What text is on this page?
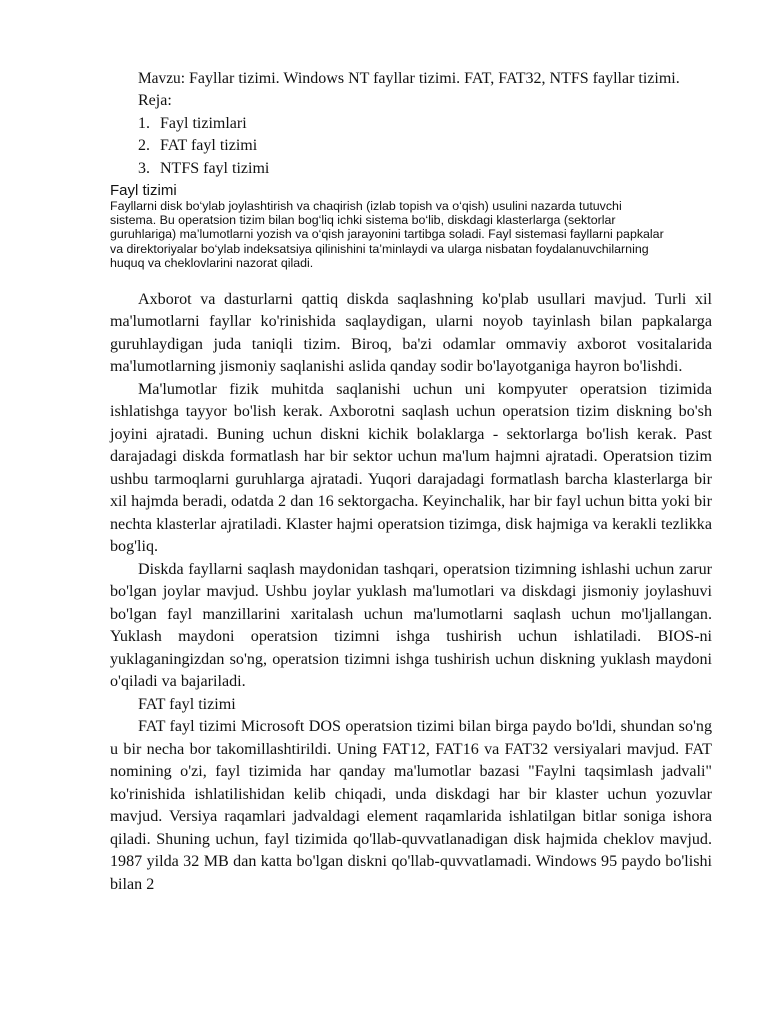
Mavzu: Fayllar tizimi. Windows NT fayllar tizimi. FAT, FAT32, NTFS fayllar tizimi.

Reja:

1. Fayl tizimlari
2. FAT fayl tizimi
3. NTFS fayl tizimi
Fayl tizimi

Fayllarni disk bo‘ylab joylashtirish va chaqirish (izlab topish va o‘qish) usulini nazarda tutuvchi sistema. Bu operatsion tizim bilan bog‘liq ichki sistema bo‘lib, diskdagi klasterlarga (sektorlar guruhlariga) ma’lumotlarni yozish va o‘qish jarayonini tartibga soladi. Fayl sistemasi fayllarni papkalar va direktoriyalar bo‘ylab indeksatsiya qilinishini ta’minlaydi va ularga nisbatan foydalanuvchilarning huquq va cheklovlarini nazorat qiladi.

Axborot va dasturlarni qattiq diskda saqlashning ko'plab usullari mavjud. Turli xil ma'lumotlarni fayllar ko'rinishida saqlaydigan, ularni noyob tayinlash bilan papkalarga guruhlaydigan juda taniqli tizim. Biroq, ba'zi odamlar ommaviy axborot vositalarida ma'lumotlarning jismoniy saqlanishi aslida qanday sodir bo'layotganiga hayron bo'lishdi.

Ma'lumotlar fizik muhitda saqlanishi uchun uni kompyuter operatsion tizimida ishlatishga tayyor bo'lish kerak. Axborotni saqlash uchun operatsion tizim diskning bo'sh joyini ajratadi. Buning uchun diskni kichik bolaklarga - sektorlarga bo'lish kerak. Past darajadagi diskda formatlash har bir sektor uchun ma'lum hajmni ajratadi. Operatsion tizim ushbu tarmoqlarni guruhlarga ajratadi. Yuqori darajadagi formatlash barcha klasterlarga bir xil hajmda beradi, odatda 2 dan 16 sektorgacha. Keyinchalik, har bir fayl uchun bitta yoki bir nechta klasterlar ajratiladi. Klaster hajmi operatsion tizimga, disk hajmiga va kerakli tezlikka bog'liq.

Diskda fayllarni saqlash maydonidan tashqari, operatsion tizimning ishlashi uchun zarur bo'lgan joylar mavjud. Ushbu joylar yuklash ma'lumotlari va diskdagi jismoniy joylashuvi bo'lgan fayl manzillarini xaritalash uchun ma'lumotlarni saqlash uchun mo'ljallangan. Yuklash maydoni operatsion tizimni ishga tushirish uchun ishlatiladi. BIOS-ni yuklaganingizdan so'ng, operatsion tizimni ishga tushirish uchun diskning yuklash maydoni o'qiladi va bajariladi.

FAT fayl tizimi

FAT fayl tizimi Microsoft DOS operatsion tizimi bilan birga paydo bo'ldi, shundan so'ng u bir necha bor takomillashtirildi. Uning FAT12, FAT16 va FAT32 versiyalari mavjud. FAT nomining o'zi, fayl tizimida har qanday ma'lumotlar bazasi "Faylni taqsimlash jadvali" ko'rinishida ishlatilishidan kelib chiqadi, unda diskdagi har bir klaster uchun yozuvlar mavjud. Versiya raqamlari jadvaldagi element raqamlarida ishlatilgan bitlar soniga ishora qiladi. Shuning uchun, fayl tizimida qo'llab-quvvatlanadigan disk hajmida cheklov mavjud. 1987 yilda 32 MB dan katta bo'lgan diskni qo'llab-quvvatlamadi. Windows 95 paydo bo'lishi bilan 2
